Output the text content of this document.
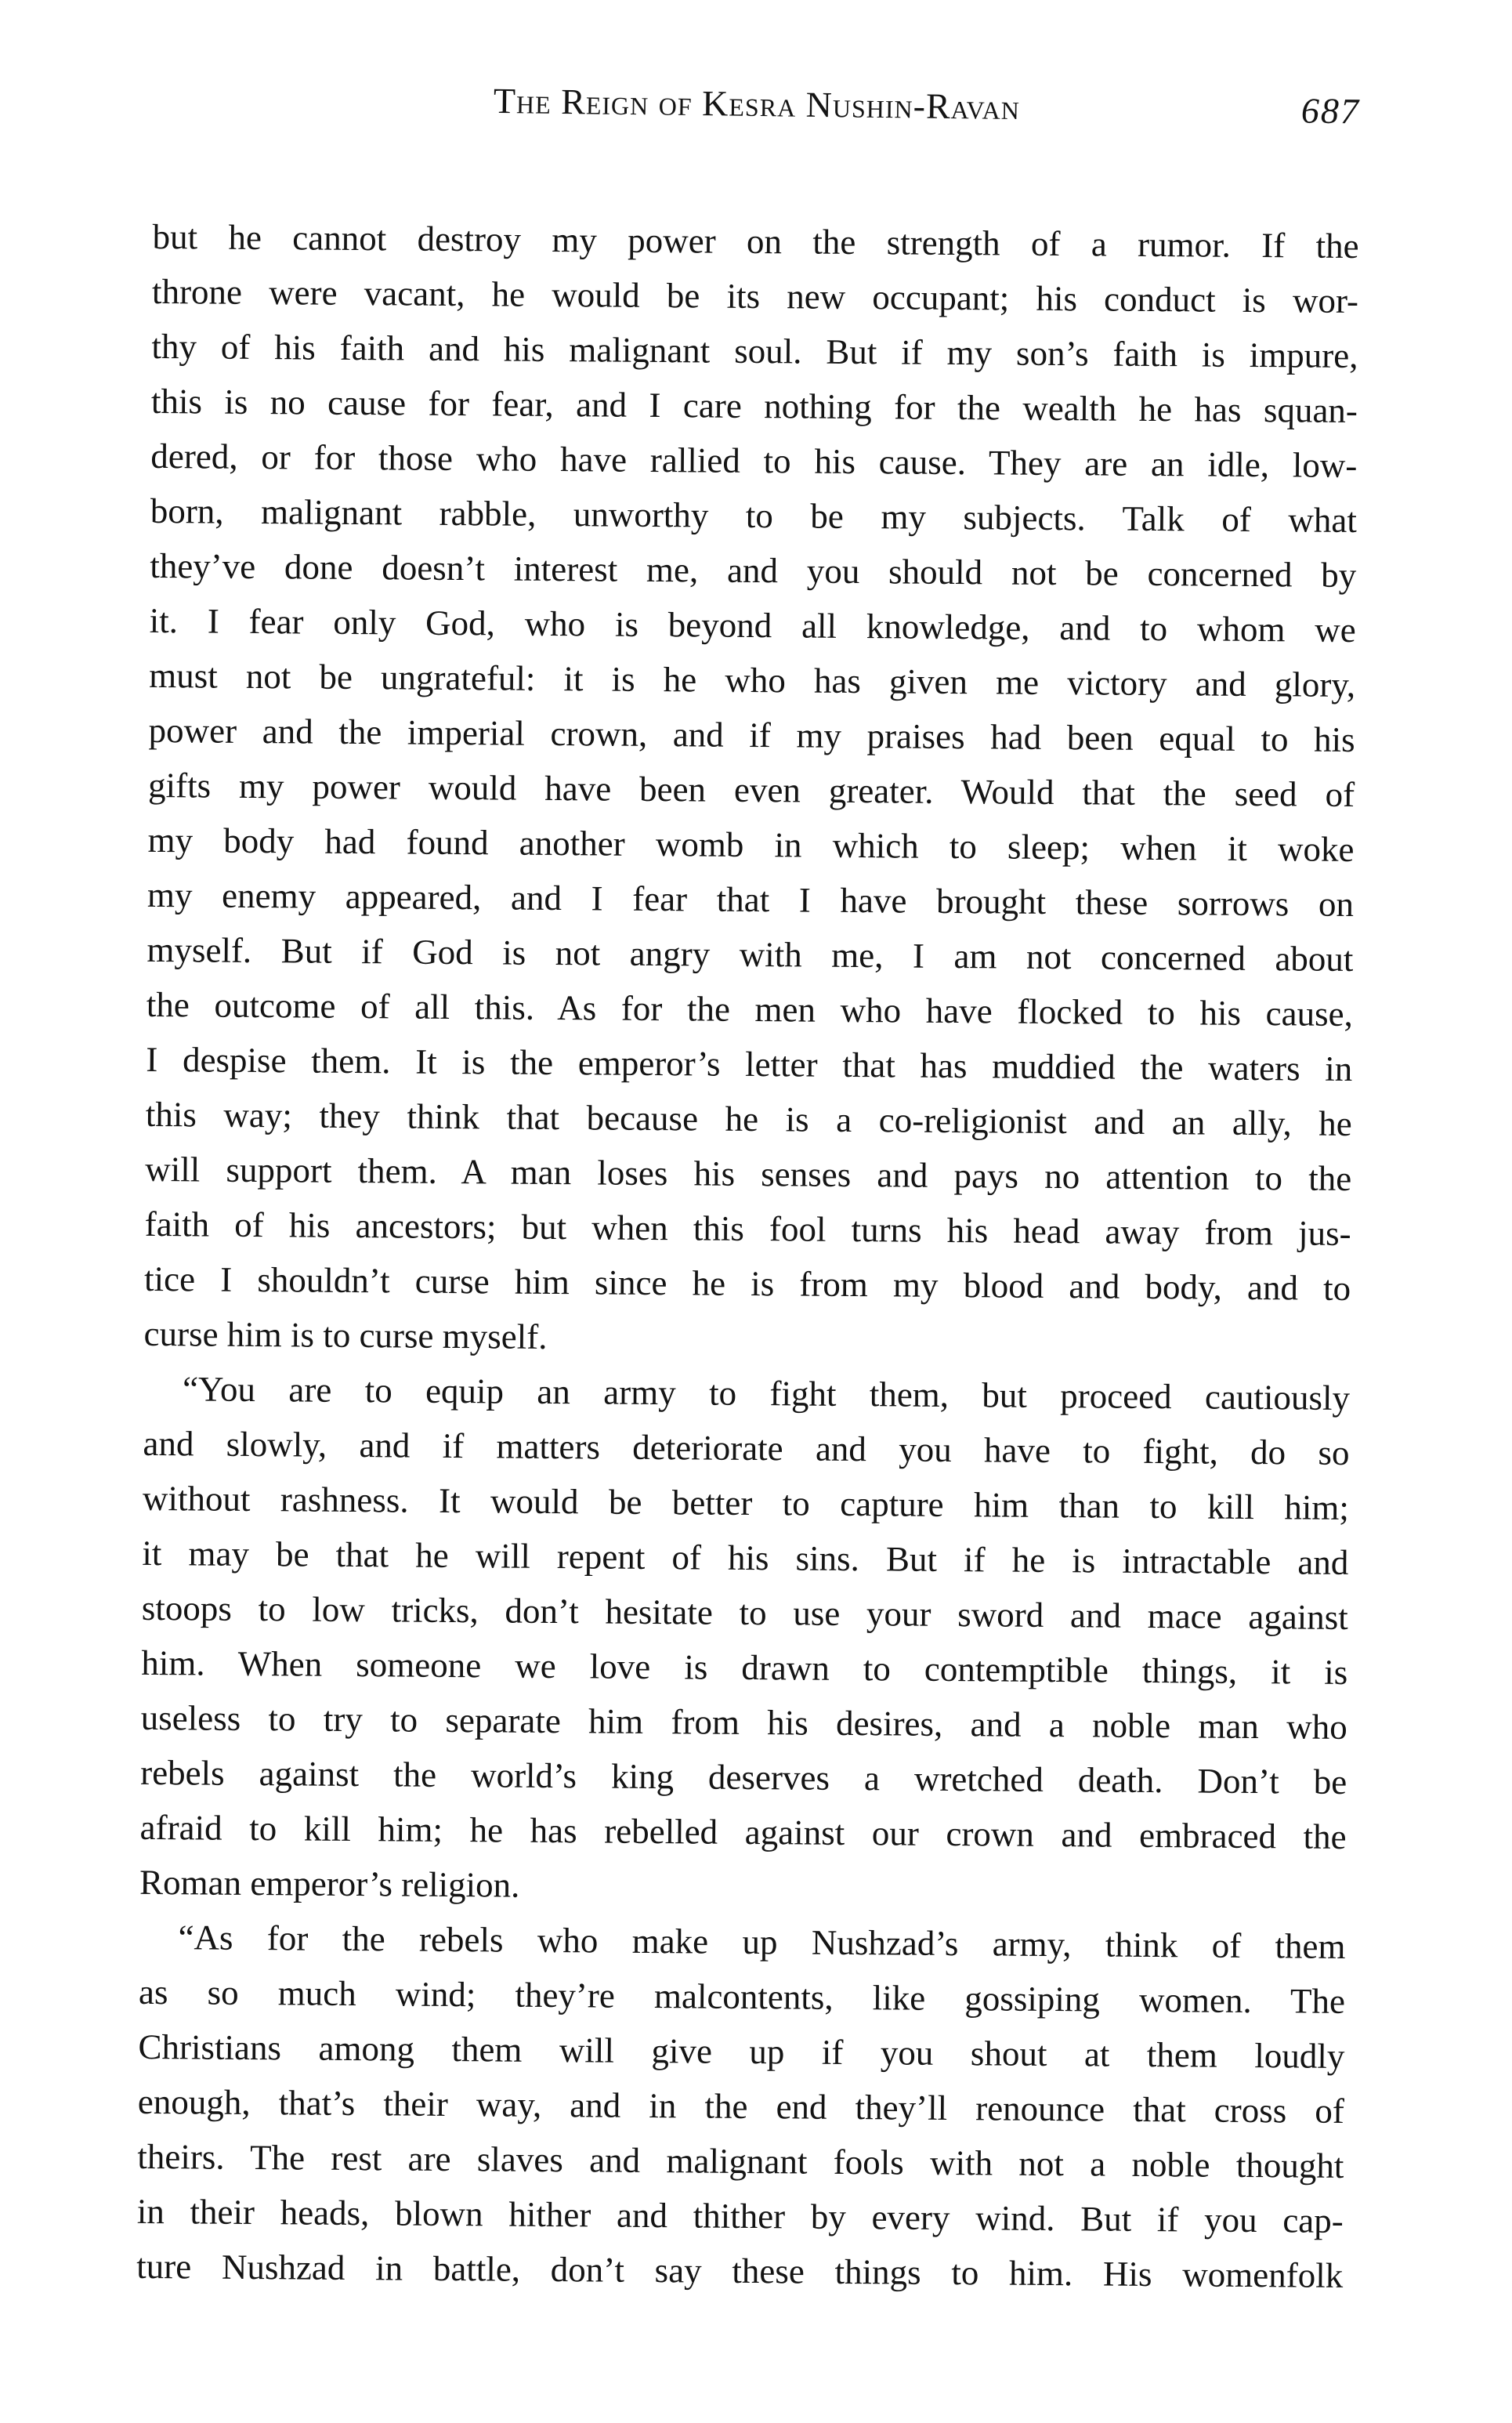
The Reign of Kesra Nushin-Ravan	687
but he cannot destroy my power on the strength of a rumor. If the
throne were vacant, he would be its new occupant; his conduct is wor-
thy of his faith and his malignant soul. But if my son’s faith is impure,
this is no cause for fear, and I care nothing for the wealth he has squan-
dered, or for those who have rallied to his cause. They are an idle, low-
born, malignant rabble, unworthy to be my subjects. Talk of what
they’ve done doesn’t interest me, and you should not be concerned by
it. I fear only God, who is beyond all knowledge, and to whom we
must not be ungrateful: it is he who has given me victory and glory,
power and the imperial crown, and if my praises had been equal to his
gifts my power would have been even greater. Would that the seed of
my body had found another womb in which to sleep; when it woke
my enemy appeared, and I fear that I have brought these sorrows on
myself. But if God is not angry with me, I am not concerned about
the outcome of all this. As for the men who have flocked to his cause,
I despise them. It is the emperor’s letter that has muddied the waters in
this way; they think that because he is a co-religionist and an ally, he
will support them. A man loses his senses and pays no attention to the
faith of his ancestors; but when this fool turns his head away from jus-
tice I shouldn’t curse him since he is from my blood and body, and to
curse him is to curse myself.
“You are to equip an army to fight them, but proceed cautiously
and slowly, and if matters deteriorate and you have to fight, do so
without rashness. It would be better to capture him than to kill him;
it may be that he will repent of his sins. But if he is intractable and
stoops to low tricks, don’t hesitate to use your sword and mace against
him. When someone we love is drawn to contemptible things, it is
useless to try to separate him from his desires, and a noble man who
rebels against the world’s king deserves a wretched death. Don’t be
afraid to kill him; he has rebelled against our crown and embraced the
Roman emperor’s religion.
“As for the rebels who make up Nushzad’s army, think of them
as so much wind; they’re malcontents, like gossiping women. The
Christians among them will give up if you shout at them loudly
enough, that’s their way, and in the end they’ll renounce that cross of
theirs. The rest are slaves and malignant fools with not a noble thought
in their heads, blown hither and thither by every wind. But if you cap-
ture Nushzad in battle, don’t say these things to him. His womenfolk
